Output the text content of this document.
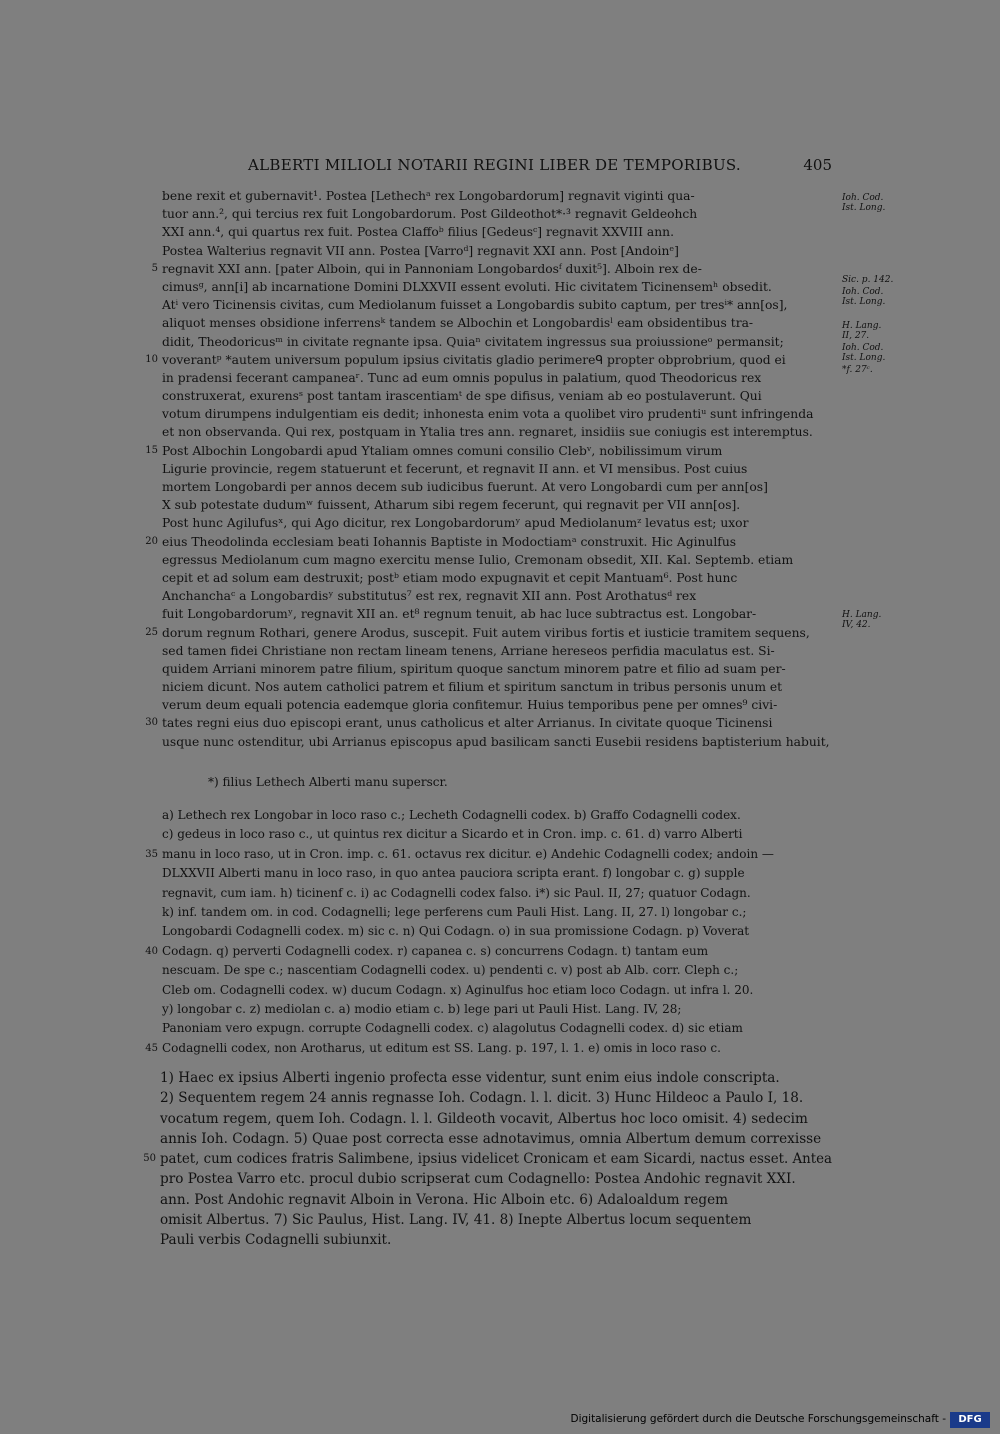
ALBERTI MILIOLI NOTARII REGINI LIBER DE TEMPORIBUS.	405
bene rexit et gubernavit¹. Postea [Lethechᵃ rex Longobardorum] regnavit viginti qua-
tuor ann.², qui tercius rex fuit Longobardorum. Post Gildeothot*·³ regnavit Geldeohch
XXI ann.⁴, qui quartus rex fuit. Postea Claffoᵇ filius [Gedeusᶜ] regnavit XXVIII ann.
Postea Walterius regnavit VII ann. Postea [Varroᵈ] regnavit XXI ann. Post [Andoinᵉ]
5 regnavit XXI ann. [pater Alboin, qui in Pannoniam Longobardosᶠ duxit⁵]. Alboin rex de-
cimusᵍ, ann[i] ab incarnatione Domini DLXXVII essent evoluti. Hic civitatem Ticinensemʰ obsedit.
Atⁱ vero Ticinensis civitas, cum Mediolanum fuisset a Longobardis subito captum, per tresⁱ* ann[os],
aliquot menses obsidione inferrensᵏ tandem se Albochin et Longobardisˡ eam obsidentibus tra-
didit, Theodoricusᵐ in civitate regnante ipsa. Quiaⁿ civitatem ingressus sua proiussioneᵒ permansit;
10 voverantᵖ *autem universum populum ipsius civitatis gladio perimereᑫ propter obprobrium, quod ei
in pradensi fecerant campaneaʳ. Tunc ad eum omnis populus in palatium, quod Theodoricus rex
construxerat, exurensˢ post tantam irascentiamᵗ de spe difisus, veniam ab eo postulaverunt. Qui
votum dirumpens indulgentiam eis dedit; inhonesta enim vota a quolibet viro prudentiᵘ sunt infringenda
et non observanda. Qui rex, postquam in Ytalia tres ann. regnaret, insidiis sue coniugis est interemptus.
15 Post Albochin Longobardi apud Ytaliam omnes comuni consilio Clebᵛ, nobilissimum virum
Ligurie provincie, regem statuerunt et fecerunt, et regnavit II ann. et VI mensibus. Post cuius
mortem Longobardi per annos decem sub iudicibus fuerunt. At vero Longobardi cum per ann[os]
X sub potestate dudumʷ fuissent, Atharum sibi regem fecerunt, qui regnavit per VII ann[os].
Post hunc Agilufusˣ, qui Ago dicitur, rex Longobardorumʸ apud Mediolanumᶻ levatus est; uxor
20 eius Theodolinda ecclesiam beati Iohannis Baptiste in Modoctiamᵃ construxit. Hic Aginulfus
egressus Mediolanum cum magno exercitu mense Iulio, Cremonam obsedit, XII. Kal. Septemb. etiam
cepit et ad solum eam destruxit; postᵇ etiam modo expugnavit et cepit Mantuam⁶. Post hunc
Anchanchaᶜ a Longobardisʸ substitutus⁷ est rex, regnavit XII ann. Post Arothatusᵈ rex
fuit Longobardorumʸ, regnavit XII an. et⁸ regnum tenuit, ab hac luce subtractus est. Longobar-
25 dorum regnum Rothari, genere Arodus, suscepit. Fuit autem viribus fortis et iusticie tramitem sequens,
sed tamen fidei Christiane non rectam lineam tenens, Arriane hereseos perfidia maculatus est. Si-
quidem Arriani minorem patre filium, spiritum quoque sanctum minorem patre et filio ad suam per-
niciem dicunt. Nos autem catholici patrem et filium et spiritum sanctum in tribus personis unum et
verum deum equali potencia eademque gloria confitemur. Huius temporibus pene per omnes⁹ civi-
30 tates regni eius duo episcopi erant, unus catholicus et alter Arrianus. In civitate quoque Ticinensi
usque nunc ostenditur, ubi Arrianus episcopus apud basilicam sancti Eusebii residens baptisterium habuit,
Ioh. Cod.
Ist. Long.
Sic. p. 142.
Ioh. Cod.
Ist. Long.
H. Lang.
II, 27.
Ioh. Cod.
Ist. Long.
*f. 27ᶜ.
H. Lang.
IV, 42.
*) filius Lethech Alberti manu superscr.
a) Lethech rex Longobar in loco raso c.; Lecheth Codagnelli codex. b) Graffo Codagnelli codex.
c) gedeus in loco raso c., ut quintus rex dicitur a Sicardo et in Cron. imp. c. 61. d) varro Alberti
35 manu in loco raso, ut in Cron. imp. c. 61. octavus rex dicitur. e) Andehic Codagnelli codex; andoin —
DLXXVII Alberti manu in loco raso, in quo antea pauciora scripta erant. f) longobar c. g) supple
regnavit, cum iam. h) ticinenf c. i) ac Codagnelli codex falso. i*) sic Paul. II, 27; quatuor Codagn.
k) inf. tandem om. in cod. Codagnelli; lege perferens cum Pauli Hist. Lang. II, 27. l) longobar c.;
Longobardi Codagnelli codex. m) sic c. n) Qui Codagn. o) in sua promissione Codagn. p) Voverat
40 Codagn. q) perverti Codagnelli codex. r) capanea c. s) concurrens Codagn. t) tantam eum
nescuam. De spe c.; nascentiam Codagnelli codex. u) pendenti c. v) post ab Alb. corr. Cleph c.;
Cleb om. Codagnelli codex. w) ducum Codagn. x) Aginulfus hoc etiam loco Codagn. ut infra l. 20.
y) longobar c. z) mediolan c. a) modio etiam c. b) lege pari ut Pauli Hist. Lang. IV, 28;
Panoniam vero expugn. corrupte Codagnelli codex. c) alagolutus Codagnelli codex. d) sic etiam
45 Codagnelli codex, non Arotharus, ut editum est SS. Lang. p. 197, l. 1. e) omis in loco raso c.
1) Haec ex ipsius Alberti ingenio profecta esse videntur, sunt enim eius indole conscripta.
2) Sequentem regem 24 annis regnasse Ioh. Codagn. l. l. dicit. 3) Hunc Hildeoc a Paulo I, 18.
vocatum regem, quem Ioh. Codagn. l. l. Gildeoth vocavit, Albertus hoc loco omisit. 4) sedecim
annis Ioh. Codagn. 5) Quae post correcta esse adnotavimus, omnia Albertum demum correxisse
50 patet, cum codices fratris Salimbene, ipsius videlicet Cronicam et eam Sicardi, nactus esset. Antea
pro Postea Varro etc. procul dubio scripserat cum Codagnello: Postea Andohic regnavit XXI.
ann. Post Andohic regnavit Alboin in Verona. Hic Alboin etc. 6) Adaloaldum regem
omisit Albertus. 7) Sic Paulus, Hist. Lang. IV, 41. 8) Inepte Albertus locum sequentem
Pauli verbis Codagnelli subiunxit.
Digitalisierung gefördert durch die Deutsche Forschungsgemeinschaft -	DFG
